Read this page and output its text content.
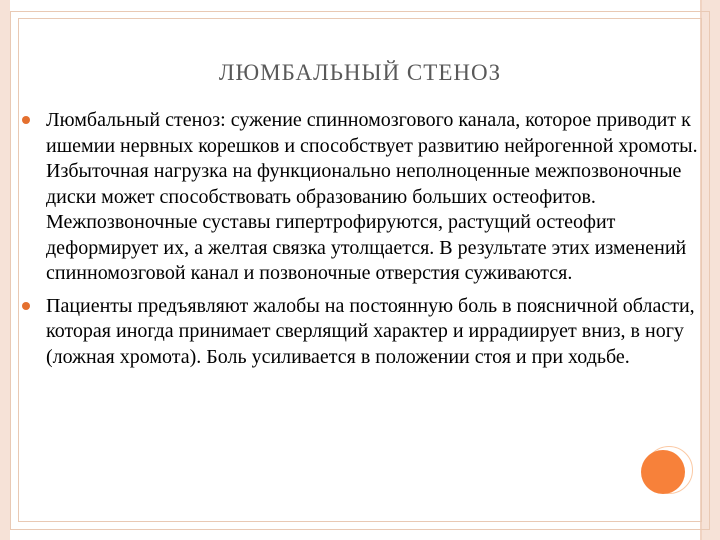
ЛЮМБАЛЬНЫЙ СТЕНОЗ
Люмбальный стеноз: сужение спинномозгового канала, которое приводит к ишемии нервных корешков и способствует развитию нейрогенной хромоты. Избыточная нагрузка на функционально неполноценные межпозвоночные диски может способствовать образованию больших остеофитов. Межпозвоночные суставы гипертрофируются, растущий остеофит деформирует их, а желтая связка утолщается. В результате этих изменений спинномозговой канал и позвоночные отверстия суживаются.
Пациенты предъявляют жалобы на постоянную боль в поясничной области, которая иногда принимает сверлящий характер и иррадиирует вниз, в ногу (ложная хромота). Боль усиливается в положении стоя и при ходьбе.
